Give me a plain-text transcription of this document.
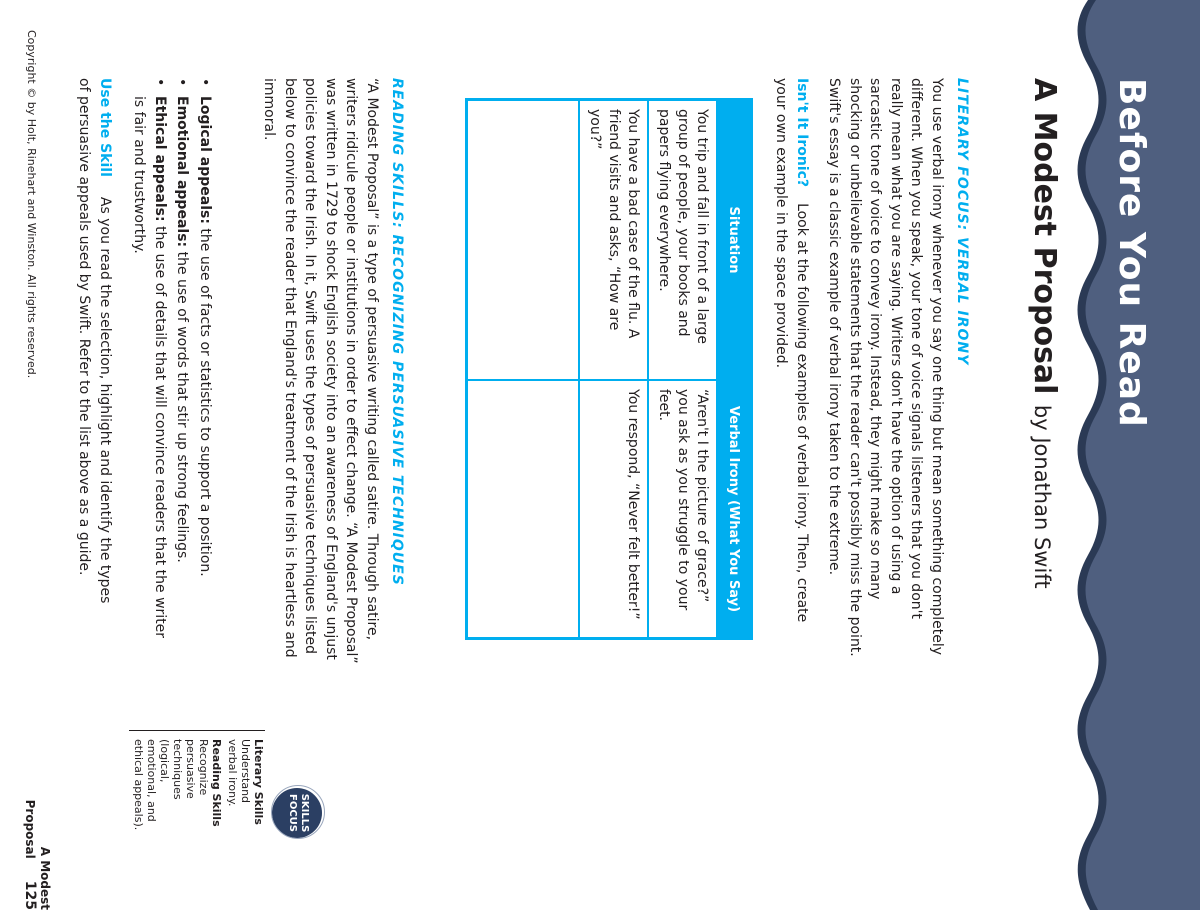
Before You Read
A Modest Proposal by Jonathan Swift
LITERARY FOCUS: VERBAL IRONY

You use verbal irony whenever you say one thing but mean something completely different. When you speak, your tone of voice signals listeners that you don't really mean what you are saying. Writers don't have the option of using a sarcastic tone of voice to convey irony. Instead, they might make so many shocking or unbelievable statements that the reader can't possibly miss the point. Swift's essay is a classic example of verbal irony taken to the extreme.

Isn't It Ironic?Look at the following examples of verbal irony. Then, create your own example in the space provided.

Situation	Verbal Irony (What You Say)
You trip and fall in front of a large group of people, your books and papers flying everywhere.	“Aren't I the picture of grace?” you ask as you struggle to your feet.
You have a bad case of the flu. A friend visits and asks, “How are you?”	You respond, “Never felt better!”

READING SKILLS: RECOGNIZING PERSUASIVE TECHNIQUES

“A Modest Proposal” is a type of persuasive writing called satire. Through satire, writers ridicule people or institutions in order to effect change. “A Modest Proposal” was written in 1729 to shock English society into an awareness of England's unjust policies toward the Irish. In it, Swift uses the types of persuasive techniques listed below to convince the reader that England's treatment of the Irish is heartless and immoral.

• Logical appeals: the use of facts or statistics to support a position.
• Emotional appeals: the use of words that stir up strong feelings.
• Ethical appeals: the use of details that will convince readers that the writer is fair and trustworthy.

Use the SkillAs you read the selection, highlight and identify the types of persuasive appeals used by Swift. Refer to the list above as a guide.

SKILLS
FOCUS

Literary Skills

Understand verbal irony.

Reading Skills

Recognize persuasive techniques (logical, emotional, and ethical appeals).

A Modest Proposal125

Copyright © by Holt, Rinehart and Winston. All rights reserved.
